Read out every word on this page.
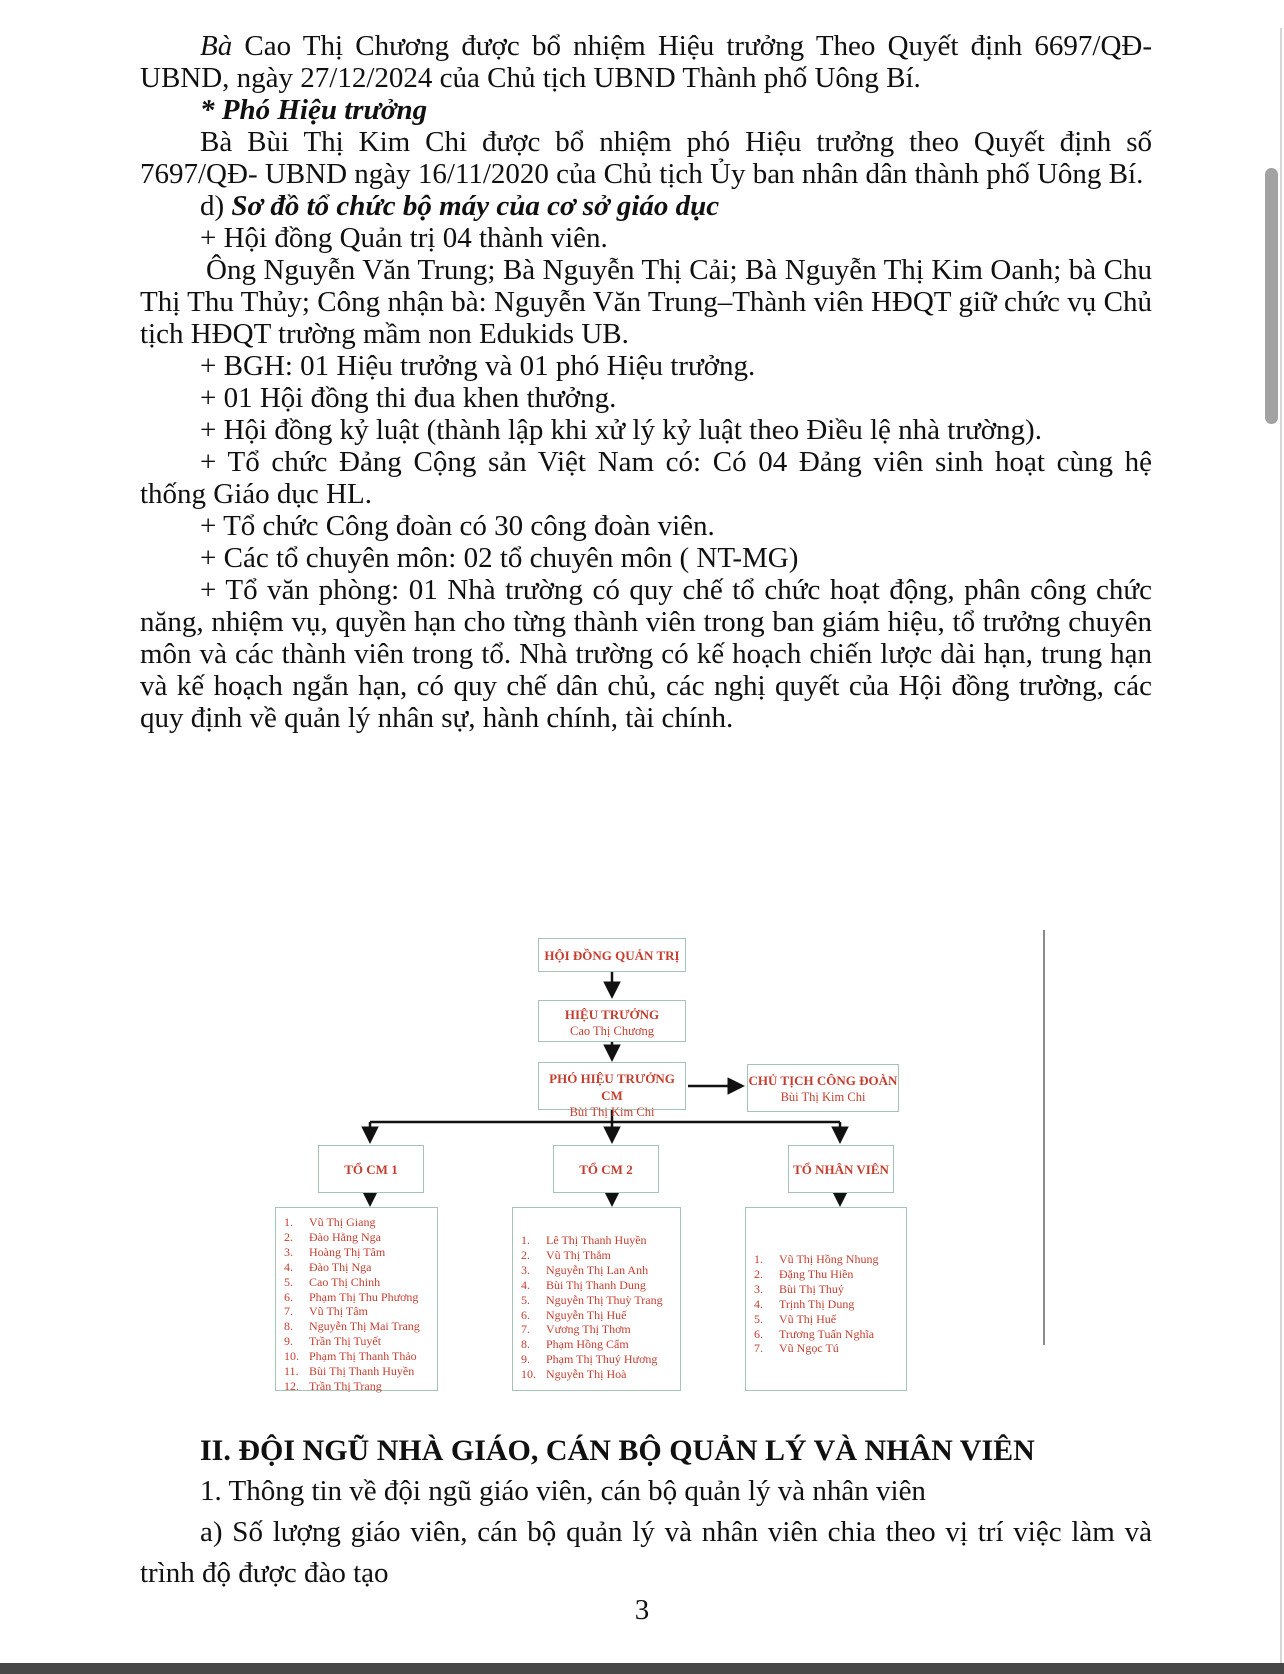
Bà Cao Thị Chương được bổ nhiệm Hiệu trưởng Theo Quyết định 6697/QĐ-UBND, ngày 27/12/2024 của Chủ tịch UBND Thành phố Uông Bí.

* Phó Hiệu trưởng

Bà Bùi Thị Kim Chi được bổ nhiệm phó Hiệu trưởng theo Quyết định số 7697/QĐ- UBND ngày 16/11/2020 của Chủ tịch Ủy ban nhân dân thành phố Uông Bí.

d) Sơ đồ tổ chức bộ máy của cơ sở giáo dục

+ Hội đồng Quản trị 04 thành viên.

Ông Nguyễn Văn Trung; Bà Nguyễn Thị Cải; Bà Nguyễn Thị Kim Oanh; bà Chu Thị Thu Thủy; Công nhận bà: Nguyễn Văn Trung–Thành viên HĐQT giữ chức vụ Chủ tịch HĐQT trường mầm non Edukids UB.

+ BGH: 01 Hiệu trưởng và 01 phó Hiệu trưởng.

+ 01 Hội đồng thi đua khen thưởng.

+ Hội đồng kỷ luật (thành lập khi xử lý kỷ luật theo Điều lệ nhà trường).

+ Tổ chức Đảng Cộng sản Việt Nam có: Có 04 Đảng viên sinh hoạt cùng hệ thống Giáo dục HL.

+ Tổ chức Công đoàn có 30 công đoàn viên.

+ Các tổ chuyên môn: 02 tổ chuyên môn ( NT-MG)

+ Tổ văn phòng: 01 Nhà trường có quy chế tổ chức hoạt động, phân công chức năng, nhiệm vụ, quyền hạn cho từng thành viên trong ban giám hiệu, tổ trưởng chuyên môn và các thành viên trong tổ. Nhà trường có kế hoạch chiến lược dài hạn, trung hạn và kế hoạch ngắn hạn, có quy chế dân chủ, các nghị quyết của Hội đồng trường, các quy định về quản lý nhân sự, hành chính, tài chính.

HỘI ĐỒNG QUẢN TRỊ
HIỆU TRƯỞNG
Cao Thị Chương
PHÓ HIỆU TRƯỞNG CM
Bùi Thị Kim Chi
CHỦ TỊCH CÔNG ĐOÀN
Bùi Thị Kim Chi
TỔ CM 1	TỔ CM 2	TỔ NHÂN VIÊN
Vũ Thị Giang
Đào Hằng Nga
Hoàng Thị Tâm
Đào Thị Nga
Cao Thị Chinh
Phạm Thị Thu Phương
Vũ Thị Tâm
Nguyễn Thị Mai Trang
Trần Thị Tuyết
Phạm Thị Thanh Thảo
Bùi Thị Thanh Huyền
Trần Thị Trang
Lê Thị Thanh Huyền
Vũ Thị Thắm
Nguyễn Thị Lan Anh
Bùi Thị Thanh Dung
Nguyễn Thị Thuỳ Trang
Nguyễn Thị Huế
Vương Thị Thơm
Phạm Hồng Cẩm
Phạm Thị Thuý Hương
Nguyễn Thị Hoà
Vũ Thị Hồng Nhung
Đặng Thu Hiền
Bùi Thị Thuỷ
Trịnh Thị Dung
Vũ Thị Huế
Trương Tuấn Nghĩa
Vũ Ngọc Tú

II. ĐỘI NGŨ NHÀ GIÁO, CÁN BỘ QUẢN LÝ VÀ NHÂN VIÊN

1. Thông tin về đội ngũ giáo viên, cán bộ quản lý và nhân viên

a) Số lượng giáo viên, cán bộ quản lý và nhân viên chia theo vị trí việc làm và trình độ được đào tạo

3
